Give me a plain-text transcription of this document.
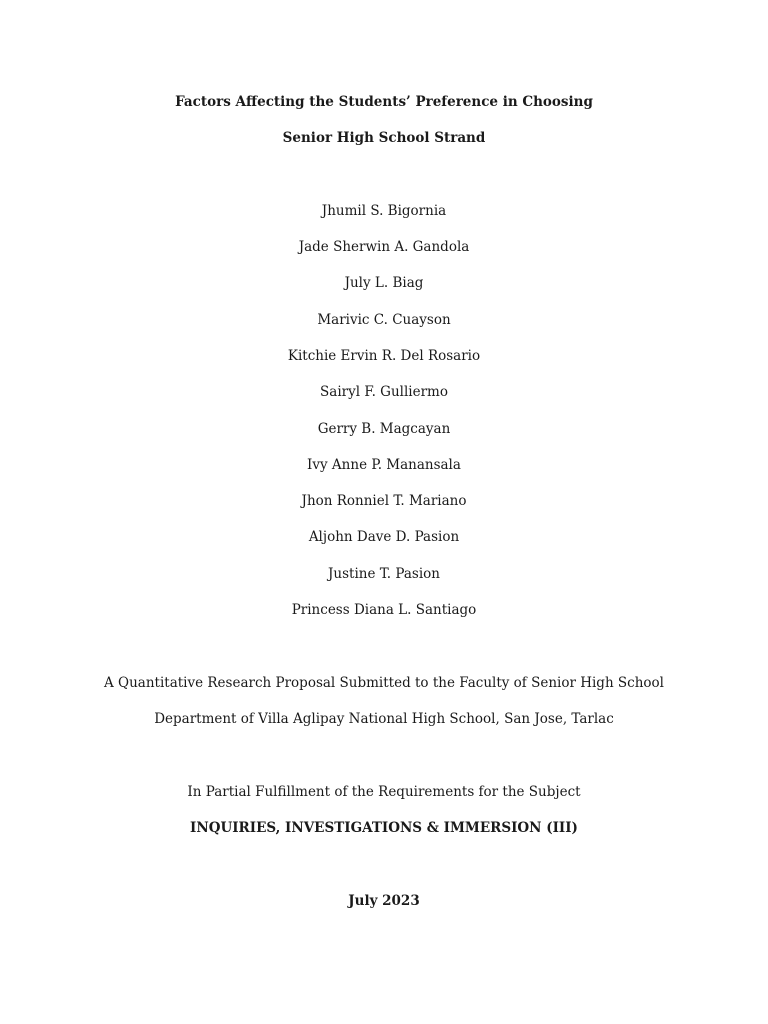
Factors Affecting the Students’ Preference in Choosing
Senior High School Strand
Jhumil S. Bigornia
Jade Sherwin A. Gandola
July L. Biag
Marivic C. Cuayson
Kitchie Ervin R. Del Rosario
Sairyl F. Gulliermo
Gerry B. Magcayan
Ivy Anne P. Manansala
Jhon Ronniel T. Mariano
Aljohn Dave D. Pasion
Justine T. Pasion
Princess Diana L. Santiago
A Quantitative Research Proposal Submitted to the Faculty of Senior High School
Department of Villa Aglipay National High School, San Jose, Tarlac
In Partial Fulfillment of the Requirements for the Subject
INQUIRIES, INVESTIGATIONS & IMMERSION (III)
July 2023
